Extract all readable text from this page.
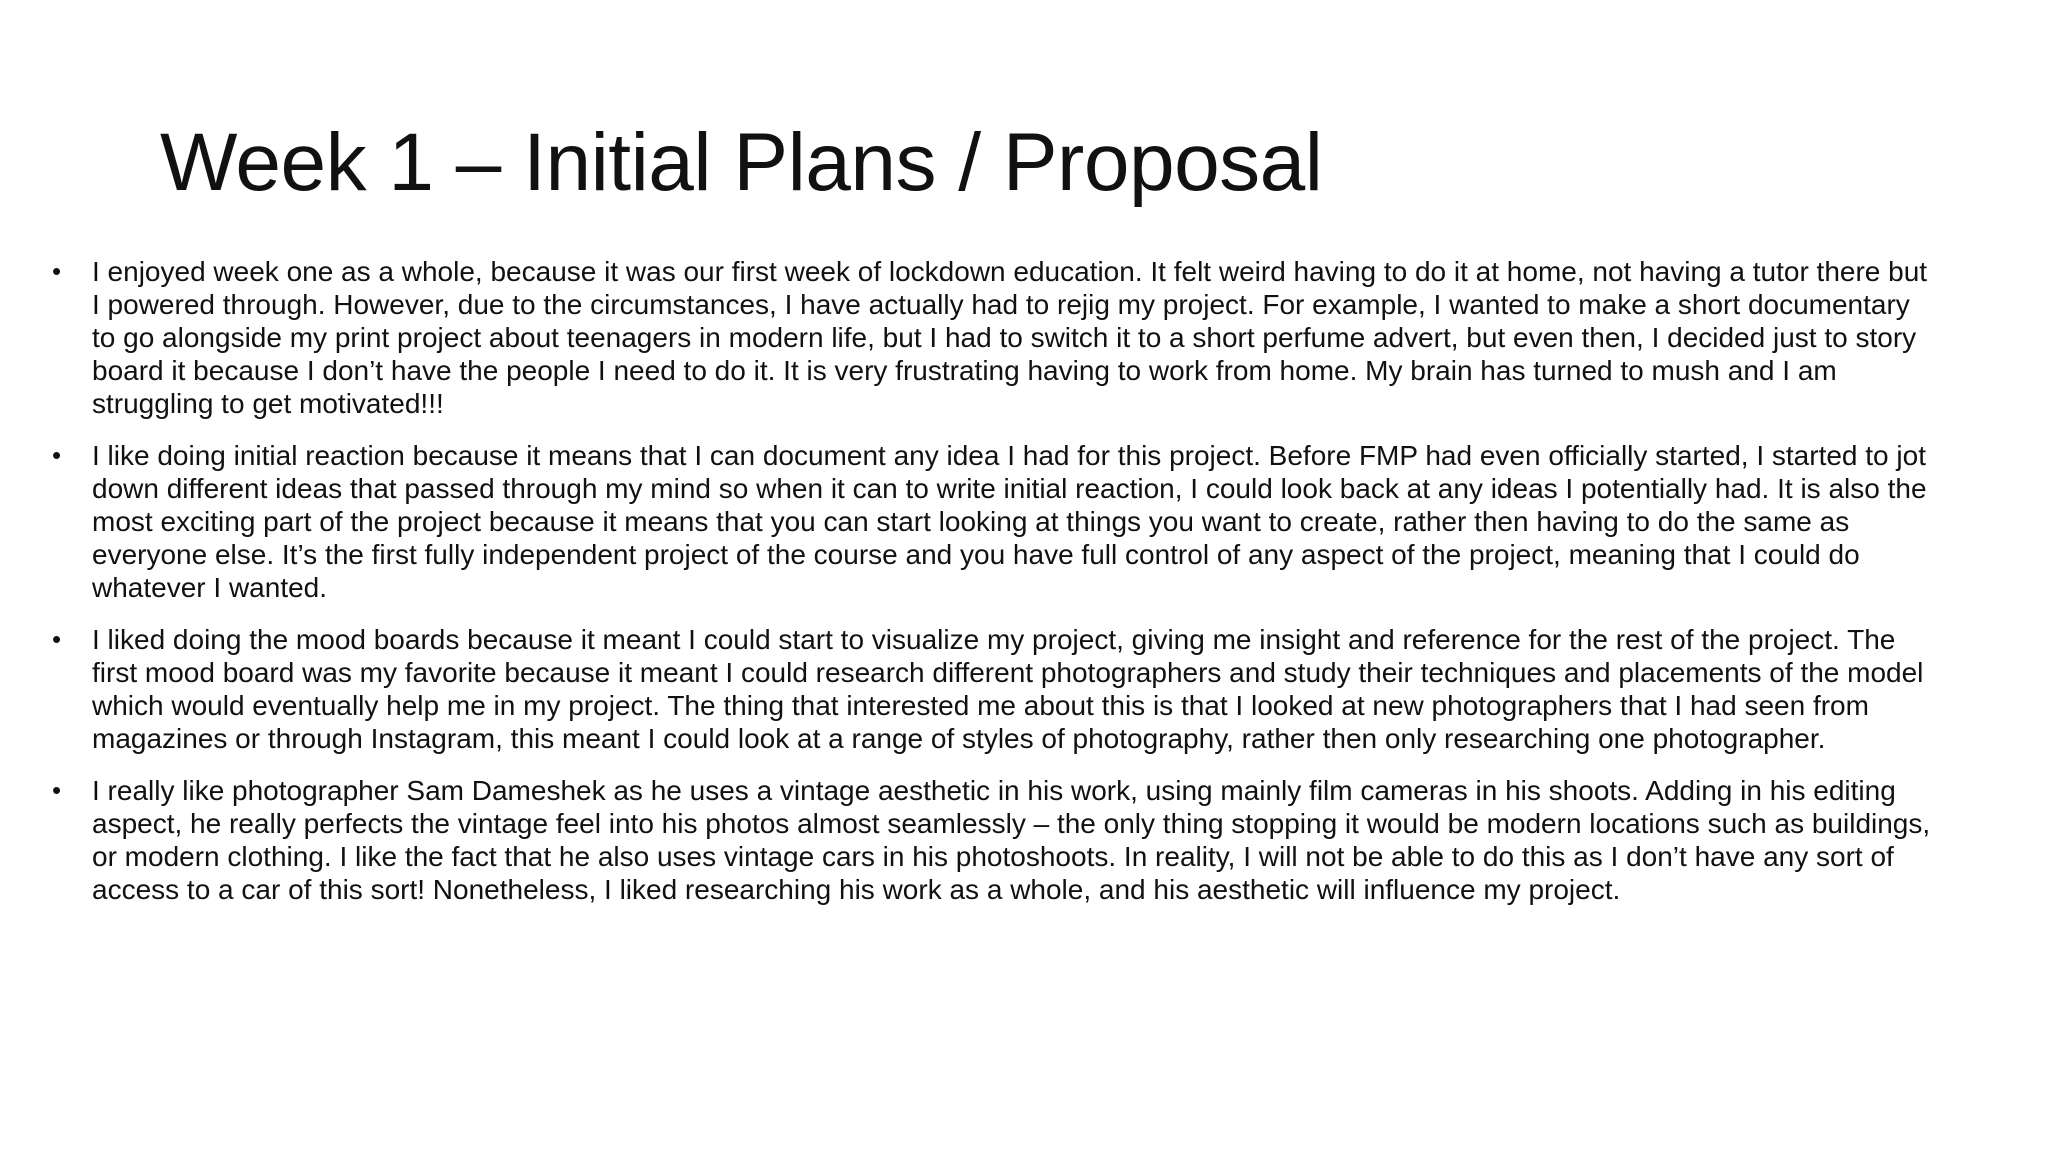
Week 1 – Initial Plans / Proposal
• I enjoyed week one as a whole, because it was our first week of lockdown education. It felt weird having to do it at home, not having a tutor there but I powered through. However, due to the circumstances, I have actually had to rejig my project. For example, I wanted to make a short documentary to go alongside my print project about teenagers in modern life, but I had to switch it to a short perfume advert, but even then, I decided just to story board it because I don’t have the people I need to do it. It is very frustrating having to work from home. My brain has turned to mush and I am struggling to get motivated!!!
• I like doing initial reaction because it means that I can document any idea I had for this project. Before FMP had even officially started, I started to jot down different ideas that passed through my mind so when it can to write initial reaction, I could look back at any ideas I potentially had. It is also the most exciting part of the project because it means that you can start looking at things you want to create, rather then having to do the same as everyone else. It’s the first fully independent project of the course and you have full control of any aspect of the project, meaning that I could do whatever I wanted.
• I liked doing the mood boards because it meant I could start to visualize my project, giving me insight and reference for the rest of the project. The first mood board was my favorite because it meant I could research different photographers and study their techniques and placements of the model which would eventually help me in my project. The thing that interested me about this is that I looked at new photographers that I had seen from magazines or through Instagram, this meant I could look at a range of styles of photography, rather then only researching one photographer.
• I really like photographer Sam Dameshek as he uses a vintage aesthetic in his work, using mainly film cameras in his shoots. Adding in his editing aspect, he really perfects the vintage feel into his photos almost seamlessly – the only thing stopping it would be modern locations such as buildings, or modern clothing. I like the fact that he also uses vintage cars in his photoshoots. In reality, I will not be able to do this as I don’t have any sort of access to a car of this sort! Nonetheless, I liked researching his work as a whole, and his aesthetic will influence my project.
